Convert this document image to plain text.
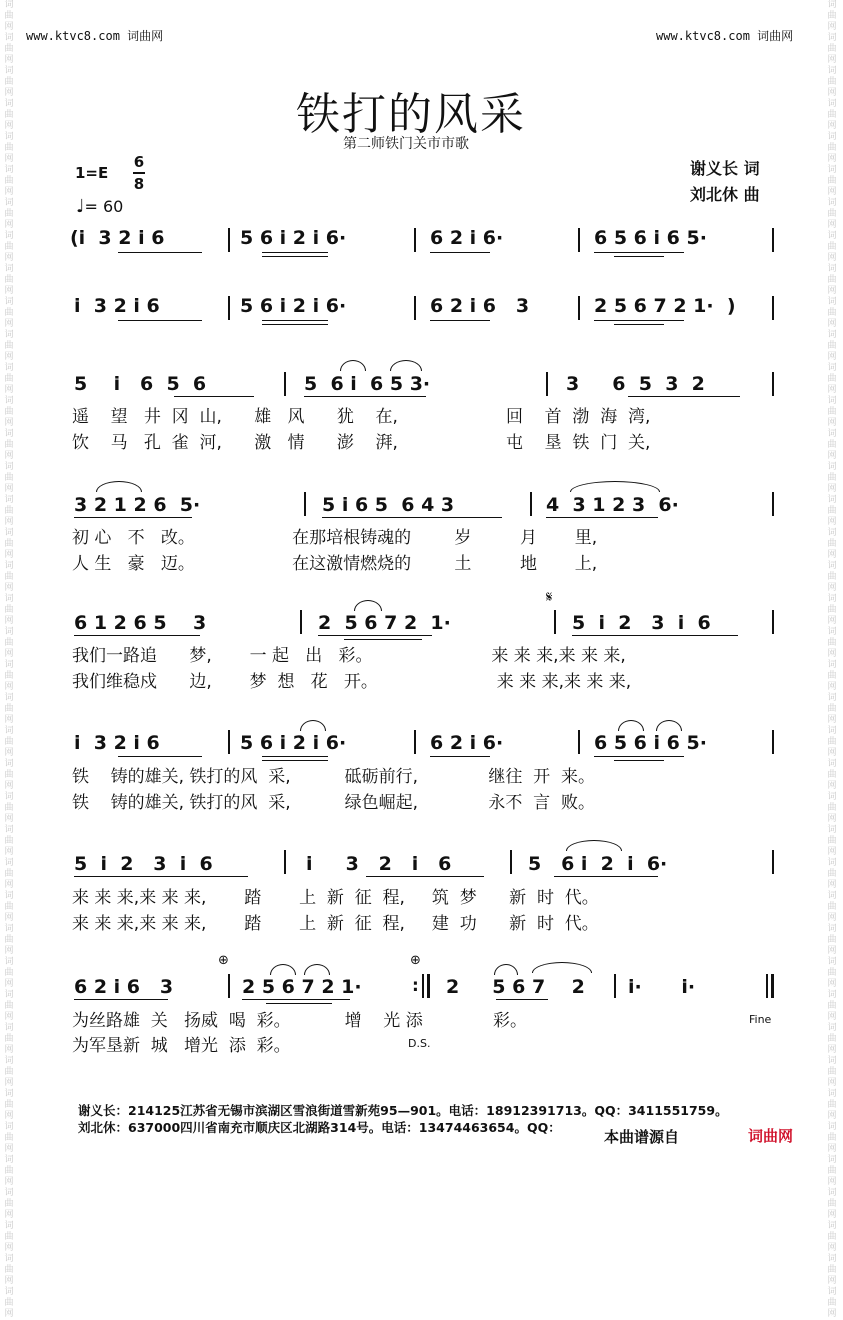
词曲网词曲网词曲网词曲网词曲网词曲网词曲网词曲网词曲网词曲网词曲网词曲网词曲网词曲网词曲网词曲网词曲网词曲网词曲网词曲网词曲网词曲网词曲网词曲网词曲网词曲网词曲网词曲网词曲网词曲网词曲网词曲网词曲网词曲网词曲网词曲网词曲网词曲网词曲网词曲网
词曲网词曲网词曲网词曲网词曲网词曲网词曲网词曲网词曲网词曲网词曲网词曲网词曲网词曲网词曲网词曲网词曲网词曲网词曲网词曲网词曲网词曲网词曲网词曲网词曲网词曲网词曲网词曲网词曲网词曲网词曲网词曲网词曲网词曲网词曲网词曲网词曲网词曲网词曲网词曲网
www.ktvc8.com 词曲网	www.ktvc8.com 词曲网
铁打的风采
第二师铁门关市市歌
1=E
6
8
♩= 60
谢义长 词
刘北休 曲
(i  3 2 i 6	5 6 i 2 i 6·	6 2 i 6·	6 5 6 i 6 5·
i  3 2 i 6	5 6 i 2 i 6·	6 2 i 6   3	2 5 6 7 2 1·  )
5    i   6  5  6	5  6 i  6 5 3·	3     6  5  3  2
遥    望   井  冈  山,      雄   风      犹    在,                    回    首  渤  海  湾,
饮    马   孔  雀  河,      激   情      澎    湃,                    屯    垦  铁  门  关,
3 2 1 2 6  5·	5 i 6 5  6 4 3	4  3 1 2 3  6·
初 心   不   改。                  在那培根铸魂的        岁         月       里,
人 生   豪   迈。                  在这激情燃烧的        土         地       上,
6 1 2 6 5    3	2  5 6 7 2  1·
𝄋
5  i  2   3  i  6
我们一路追      梦,       一 起   出   彩。                      来 来 来,来 来 来,
我们维稳戍      边,       梦  想   花   开。                      来 来 来,来 来 来,
i  3 2 i 6	5 6 i 2 i 6·	6 2 i 6·	6 5 6 i 6 5·
铁    铸的雄关, 铁打的风  采,          砥砺前行,             继往  开  来。
铁    铸的雄关, 铁打的风  采,          绿色崛起,             永不  言  败。
5  i  2   3  i  6	i     3   2   i   6	5   6 i  2  i  6·
来 来 来,来 来 来,       踏       上  新  征  程,     筑  梦      新  时  代。
来 来 来,来 来 来,       踏       上  新  征  程,     建  功      新  时  代。
⊕	⊕
6 2 i 6   3	2 5 6 7 2 1·	: 2     5 6 7    2 i·      i·
为丝路雄  关   扬威  喝  彩。          增    光 添             彩。
为军垦新  城   增光  添  彩。	D.S.
Fine
谢义长：214125江苏省无锡市滨湖区雪浪街道雪新苑95—901。电话：18912391713。QQ：3411551759。
刘北休：637000四川省南充市顺庆区北湖路314号。电话：13474463654。QQ：
本曲谱源自	词曲网
